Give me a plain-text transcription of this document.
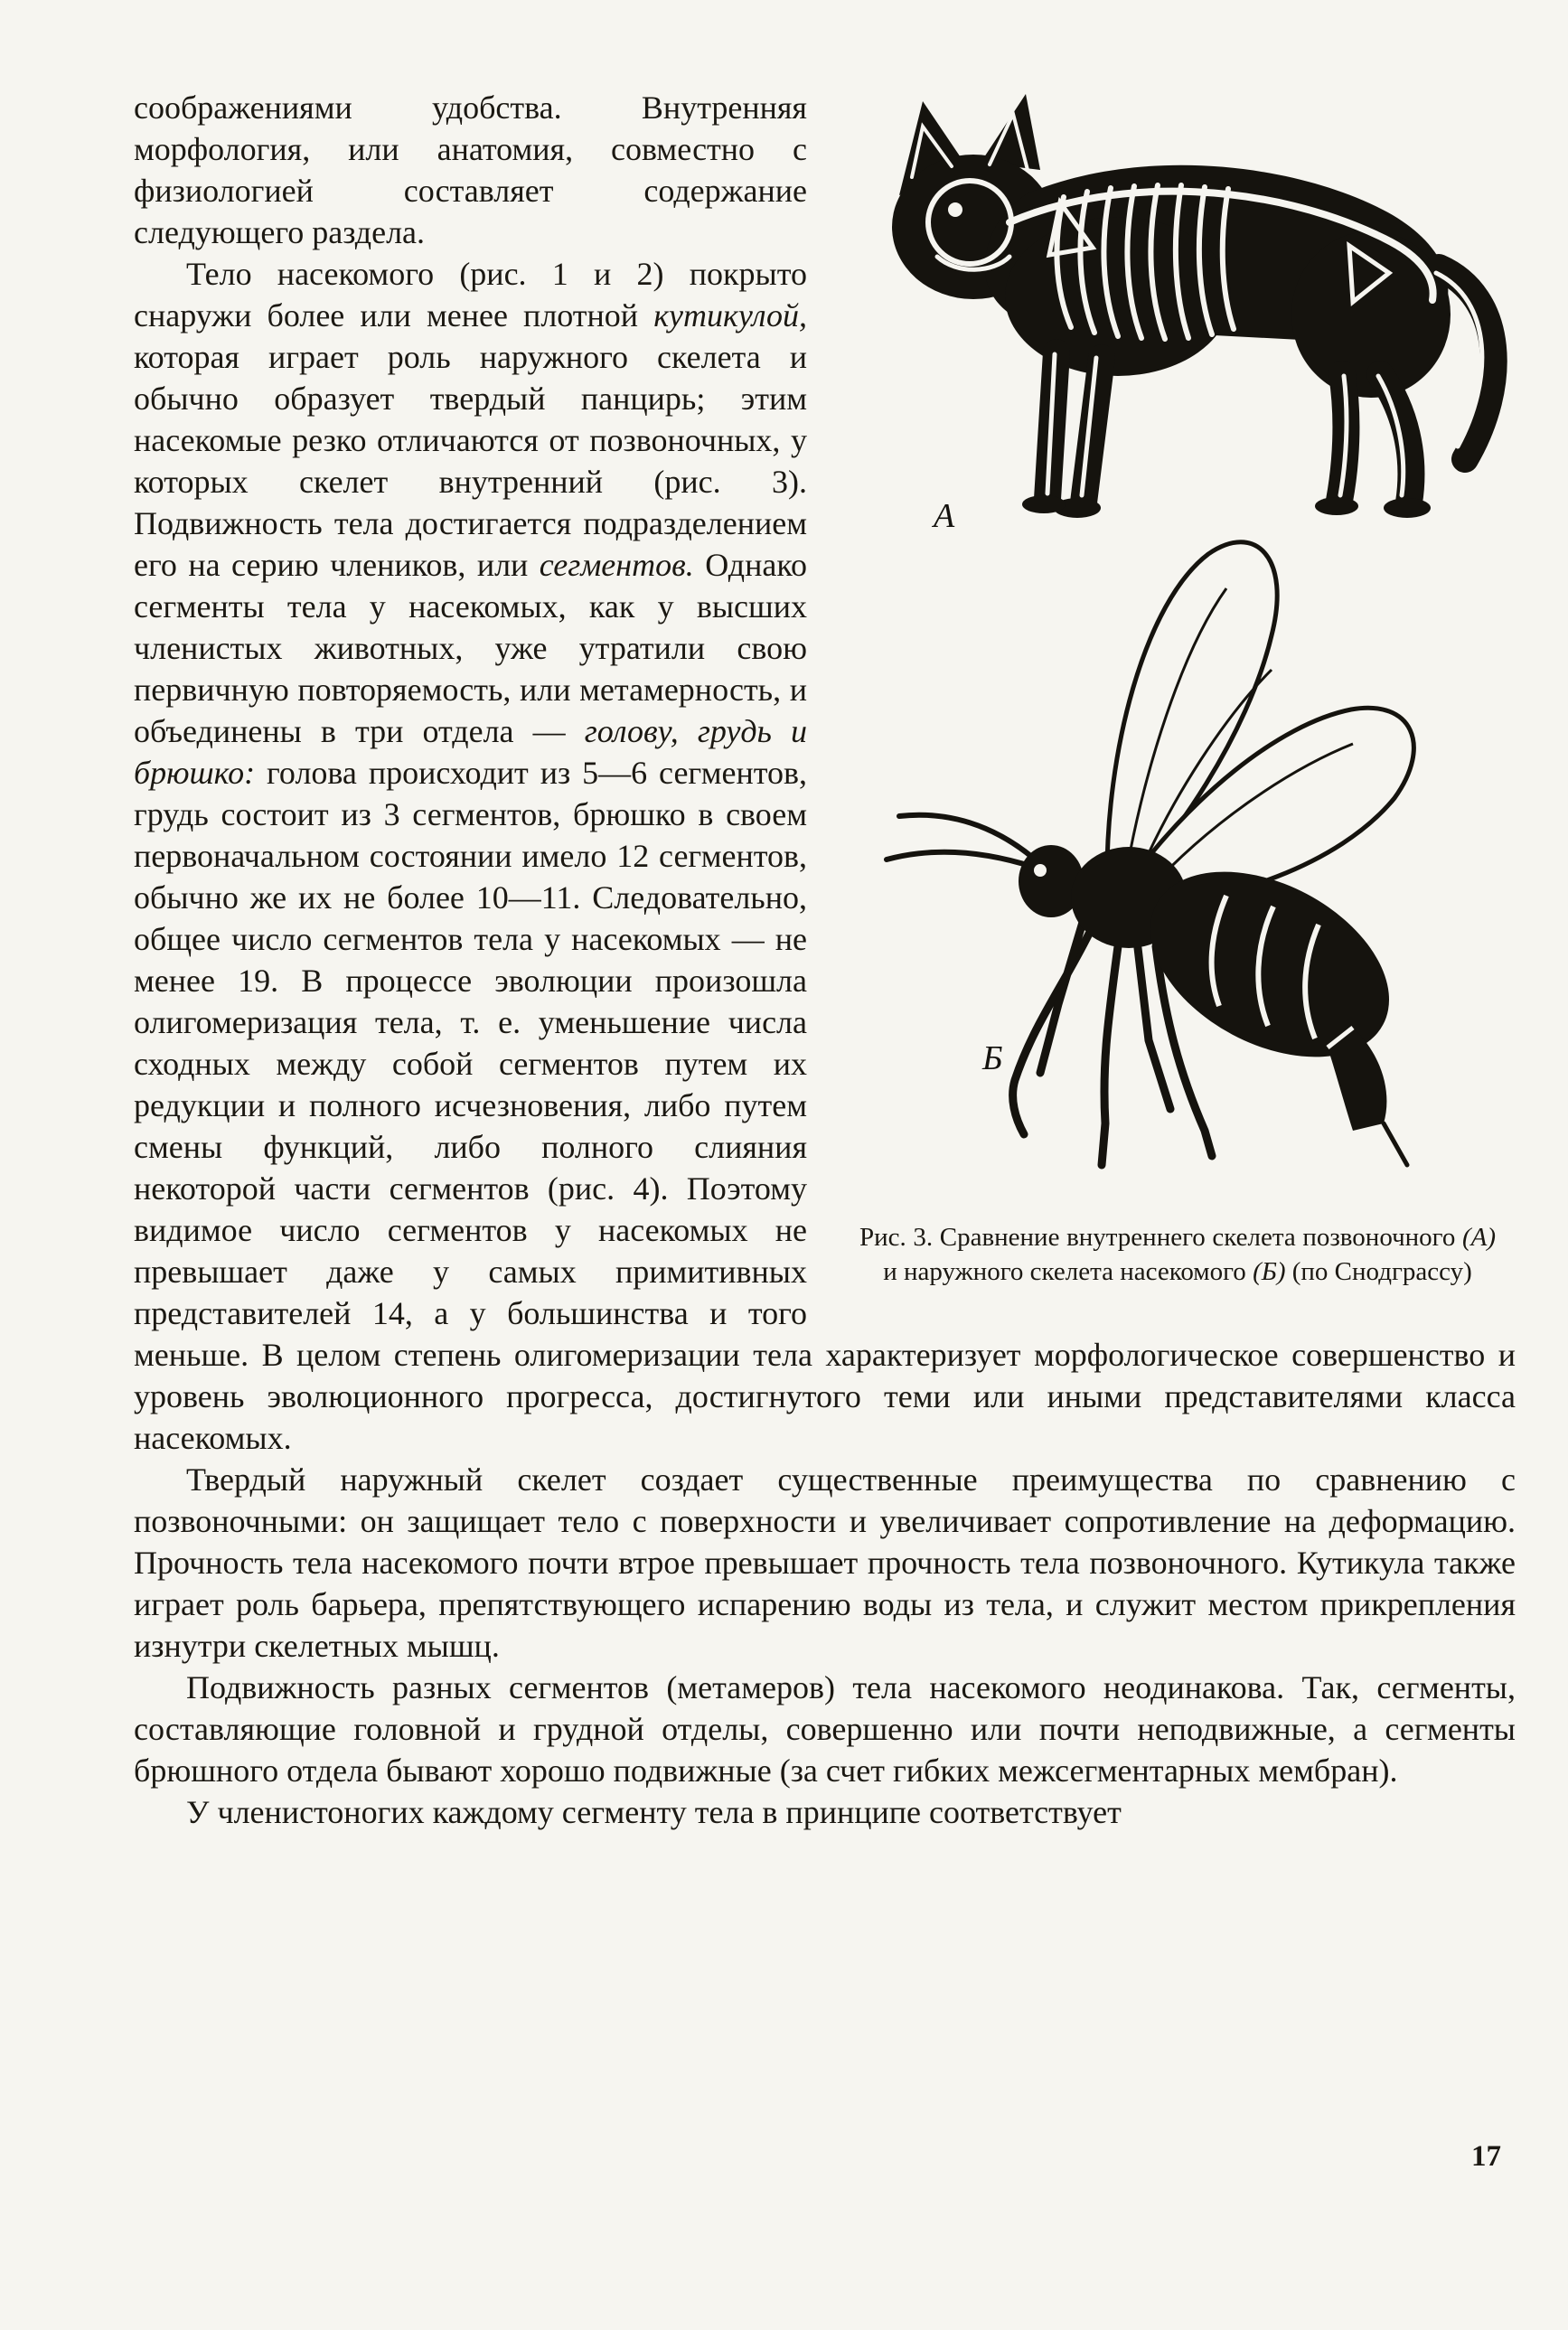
А
Б
Рис. 3. Сравнение внутреннего скелета позвоночного (А) и наружного скелета насекомого (Б) (по Снодграссу)

соображениями удобства. Внутренняя морфология, или анатомия, совместно с физиологией составляет содержание следующего раздела.

Тело насекомого (рис. 1 и 2) покрыто снаружи более или менее плотной кутикулой, которая играет роль наружного скелета и обычно образует твердый панцирь; этим насекомые резко отличаются от позвоночных, у которых скелет внутренний (рис. 3). Подвижность тела достигается подразделением его на серию члеников, или сегментов. Однако сегменты тела у насекомых, как у высших членистых животных, уже утратили свою первичную повторяемость, или метамерность, и объединены в три отдела — голову, грудь и брюшко: голова происходит из 5—6 сегментов, грудь состоит из 3 сегментов, брюшко в своем первоначальном состоянии имело 12 сегментов, обычно же их не более 10—11. Следовательно, общее число сегментов тела у насекомых — не менее 19. В процессе эволюции произошла олигомеризация тела, т. е. уменьшение числа сходных между собой сегментов путем их редукции и полного исчезновения, либо путем смены функций, либо полного слияния некоторой части сегментов (рис. 4). Поэтому видимое число сегментов у насекомых не превышает даже у самых примитивных представителей 14, а у большинства и того меньше. В целом степень олигомеризации тела характеризует морфологическое совершенство и уровень эволюционного прогресса, достигнутого теми или иными представителями класса насекомых.

Твердый наружный скелет создает существенные преимущества по сравнению с позвоночными: он защищает тело с поверхности и увеличивает сопротивление на деформацию. Прочность тела насекомого почти втрое превышает прочность тела позвоночного. Кутикула также играет роль барьера, препятствующего испарению воды из тела, и служит местом прикрепления изнутри скелетных мышц.

Подвижность разных сегментов (метамеров) тела насекомого неодинакова. Так, сегменты, составляющие головной и грудной отделы, совершенно или почти неподвижные, а сегменты брюшного отдела бывают хорошо подвижные (за счет гибких межсегментарных мембран).

У членистоногих каждому сегменту тела в принципе соответствует

17
